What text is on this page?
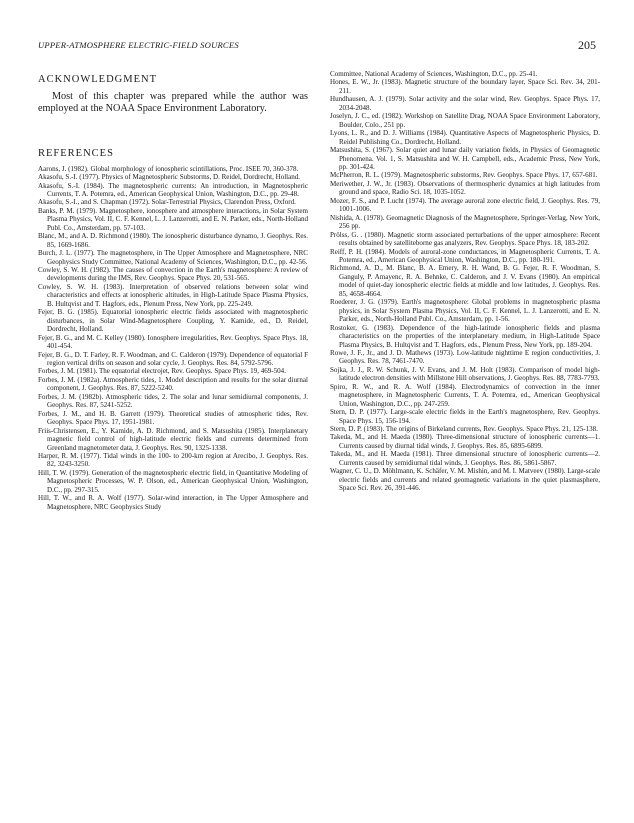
UPPER-ATMOSPHERE ELECTRIC-FIELD SOURCES	205
ACKNOWLEDGMENT

Most of this chapter was prepared while the author was employed at the NOAA Space Environment Laboratory.

REFERENCES

Aarons, J. (1982). Global morphology of ionospheric scintillations, Proc. ISEE 70, 360-378.

Akasofu, S.-I. (1977). Physics of Magnetospheric Substorms, D. Reidel, Dordrecht, Holland.

Akasofu, S.-I. (1984). The magnetospheric currents: An introduction, in Magnetospheric Currents, T. A. Potemra, ed., American Geophysical Union, Washington, D.C., pp. 29-48.

Akasofu, S.-I., and S. Chapman (1972). Solar-Terrestrial Physics, Clarendon Press, Oxford.

Banks, P. M. (1979). Magnetosphere, ionosphere and atmosphere interactions, in Solar System Plasma Physics, Vol. II, C. F. Kennel, L. J. Lanzerotti, and E. N. Parker, eds., North-Holland Publ. Co., Amsterdam, pp. 57-103.

Blanc, M., and A. D. Richmond (1980). The ionospheric disturbance dynamo, J. Geophys. Res. 85, 1669-1686.

Burch, J. L. (1977). The magnetosphere, in The Upper Atmosphere and Magnetosphere, NRC Geophysics Study Committee, National Academy of Sciences, Washington, D.C., pp. 42-56.

Cowley, S. W. H. (1982). The causes of convection in the Earth's magnetosphere: A review of developments during the IMS, Rev. Geophys. Space Phys. 20, 531-565.

Cowley, S. W. H. (1983). Interpretation of observed relations between solar wind characteristics and effects at ionospheric altitudes, in High-Latitude Space Plasma Physics, B. Hultqvist and T. Hagfors, eds., Plenum Press, New York, pp. 225-249.

Fejer, B. G. (1985). Equatorial ionospheric electric fields associated with magnetospheric disturbances, in Solar Wind-Magnetosphere Coupling, Y. Kamide, ed., D. Reidel, Dordrecht, Holland.

Fejer, B. G., and M. C. Kelley (1980). Ionosphere irregularities, Rev. Geophys. Space Phys. 18, 401-454.

Fejer, B. G., D. T. Farley, R. F. Woodman, and C. Calderon (1979). Dependence of equatorial F region vertical drifts on season and solar cycle, J. Geophys. Res. 84, 5792-5796.

Forbes, J. M. (1981). The equatorial electrojet, Rev. Geophys. Space Phys. 19, 469-504.

Forbes, J. M. (1982a). Atmospheric tides, 1. Model description and results for the solar diurnal component, J. Geophys. Res. 87, 5222-5240.

Forbes, J. M. (1982b). Atmospheric tides, 2. The solar and lunar semidiurnal components, J. Geophys. Res. 87, 5241-5252.

Forbes, J. M., and H. B. Garrett (1979). Theoretical studies of atmospheric tides, Rev. Geophys. Space Phys. 17, 1951-1981.

Friis-Christensen, E., Y. Kamide, A. D. Richmond, and S. Matsushita (1985). Interplanetary magnetic field control of high-latitude electric fields and currents determined from Greenland magnetometer data, J. Geophys. Res. 90, 1325-1338.

Harper, R. M. (1977). Tidal winds in the 100- to 200-km region at Arecibo, J. Geophys. Res. 82, 3243-3250.

Hill, T. W. (1979). Generation of the magnetospheric electric field, in Quantitative Modeling of Magnetospheric Processes, W. P. Olson, ed., American Geophysical Union, Washington, D.C., pp. 297-315.

Hill, T. W., and R. A. Wolf (1977). Solar-wind interaction, in The Upper Atmosphere and Magnetosphere, NRC Geophysics Study

Committee, National Academy of Sciences, Washington, D.C., pp. 25-41.

Hones, E. W., Jr. (1983). Magnetic structure of the boundary layer, Space Sci. Rev. 34, 201-211.

Hundhausen, A. J. (1979). Solar activity and the solar wind, Rev. Geophys. Space Phys. 17, 2034-2048.

Joselyn, J. C., ed. (1982). Workshop on Satellite Drag, NOAA Space Environment Laboratory, Boulder, Colo., 251 pp.

Lyons, L. R., and D. J. Williams (1984). Quantitative Aspects of Magnetospheric Physics, D. Reidel Publishing Co., Dordrecht, Holland.

Matsushita, S. (1967). Solar quiet and lunar daily variation fields, in Physics of Geomagnetic Phenomena. Vol. 1, S. Matsushita and W. H. Campbell, eds., Academic Press, New York, pp. 301-424.

McPherron, R. L. (1979). Magnetospheric substorms, Rev. Geophys. Space Phys. 17, 657-681.

Meriwether, J. W., Jr. (1983). Observations of thermospheric dynamics at high latitudes from ground and space, Radio Sci. 18, 1035-1052.

Mozer, F. S., and P. Lucht (1974). The average auroral zone electric field, J. Geophys. Res. 79, 1001-1006.

Nishida, A. (1978). Geomagnetic Diagnosis of the Magnetosphere, Springer-Verlag, New York, 256 pp.

Prölss, G. . (1980). Magnetic storm associated perturbations of the upper atmosphere: Recent results obtained by satelliteborne gas analyzers, Rev. Geophys. Space Phys. 18, 183-202.

Reiff, P. H. (1984). Models of auroral-zone conductances, in Magnetospheric Currents, T. A. Potemra, ed., American Geophysical Union, Washington, D.C., pp. 180-191.

Richmond, A. D., M. Blanc, B. A. Emery, R. H. Wand, B. G. Fejer, R. F. Woodman, S. Ganguly, P. Amayenc, R. A. Behnke, C. Calderon, and J. V. Evans (1980). An empirical model of quiet-day ionospheric electric fields at middle and low latitudes, J. Geophys. Res. 85, 4658-4664.

Roederer, J. G. (1979). Earth's magnetosphere: Global problems in magnetospheric plasma physics, in Solar System Plasma Physics, Vol. II, C. F. Kennel, L. J. Lanzerotti, and E. N. Parker, eds., North-Holland Publ. Co., Amsterdam, pp. 1-56.

Rostoker, G. (1983). Dependence of the high-latitude ionospheric fields and plasma characteristics on the properties of the interplanetary medium, in High-Latitude Space Plasma Physics, B. Hultqvist and T. Hagfors, eds., Plenum Press, New York, pp. 189-204.

Rowe, J. F., Jr., and J. D. Mathews (1973). Low-latitude nighttime E region conductivities, J. Geophys. Res. 78, 7461-7470.

Sojka, J. J., R. W. Schunk, J. V. Evans, and J. M. Holt (1983). Comparison of model high-latitude electron densities with Millstone Hill observations, J. Geophys. Res. 88, 7783-7793.

Spiro, R. W., and R. A. Wolf (1984). Electrodynamics of convection in the inner magnetosphere, in Magnetospheric Currents, T. A. Potemra, ed., American Geophysical Union, Washington, D.C., pp. 247-259.

Stern, D. P. (1977). Large-scale electric fields in the Earth's magnetosphere, Rev. Geophys. Space Phys. 15, 156-194.

Stern, D. P. (1983). The origins of Birkeland currents, Rev. Geophys. Space Phys. 21, 125-138.

Takeda, M., and H. Maeda (1980). Three-dimensional structure of ionospheric currents—1. Currents caused by diurnal tidal winds, J. Geophys. Res. 85, 6895-6899.

Takeda, M., and H. Maeda (1981). Three dimensional structure of ionospheric currents—2. Currents caused by semidiurnal tidal winds, J. Geophys. Res. 86, 5861-5867.

Wagner, C. U., D. Möhlmann, K. Schäfer, V. M. Mishin, and M. I. Matveev (1980). Large-scale electric fields and currents and related geomagnetic variations in the quiet plasmasphere, Space Sci. Rev. 26, 391-446.
